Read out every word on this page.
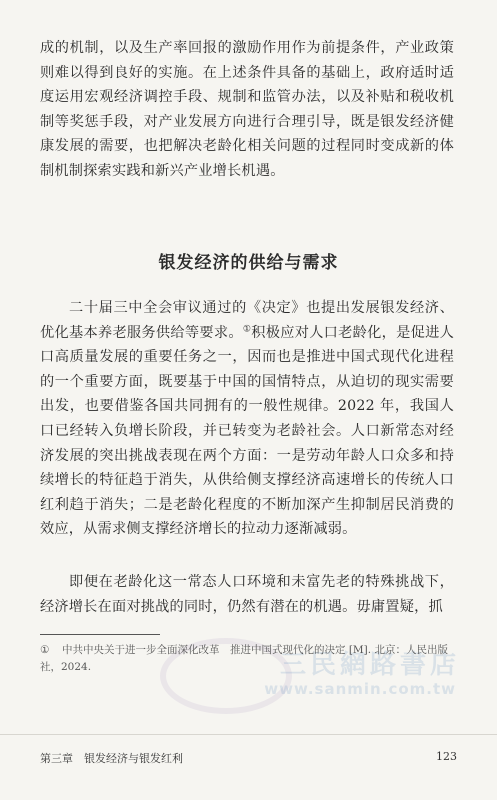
成的机制，以及生产率回报的激励作用作为前提条件，产业政策则难以得到良好的实施。在上述条件具备的基础上，政府适时适度运用宏观经济调控手段、规制和监管办法，以及补贴和税收机制等奖惩手段，对产业发展方向进行合理引导，既是银发经济健康发展的需要，也把解决老龄化相关问题的过程同时变成新的体制机制探索实践和新兴产业增长机遇。

银发经济的供给与需求

二十届三中全会审议通过的《决定》也提出发展银发经济、优化基本养老服务供给等要求。①积极应对人口老龄化，是促进人口高质量发展的重要任务之一，因而也是推进中国式现代化进程的一个重要方面，既要基于中国的国情特点，从迫切的现实需要出发，也要借鉴各国共同拥有的一般性规律。2022 年，我国人口已经转入负增长阶段，并已转变为老龄社会。人口新常态对经济发展的突出挑战表现在两个方面：一是劳动年龄人口众多和持续增长的特征趋于消失，从供给侧支撑经济高速增长的传统人口红利趋于消失；二是老龄化程度的不断加深产生抑制居民消费的效应，从需求侧支撑经济增长的拉动力逐渐减弱。

即便在老龄化这一常态人口环境和未富先老的特殊挑战下，经济增长在面对挑战的同时，仍然有潜在的机遇。毋庸置疑，抓

三民網路書店
www.sanmin.com.tw

① 中共中央关于进一步全面深化改革　推进中国式现代化的决定 [M]. 北京：人民出版社，2024.

第三章　银发经济与银发红利	123
